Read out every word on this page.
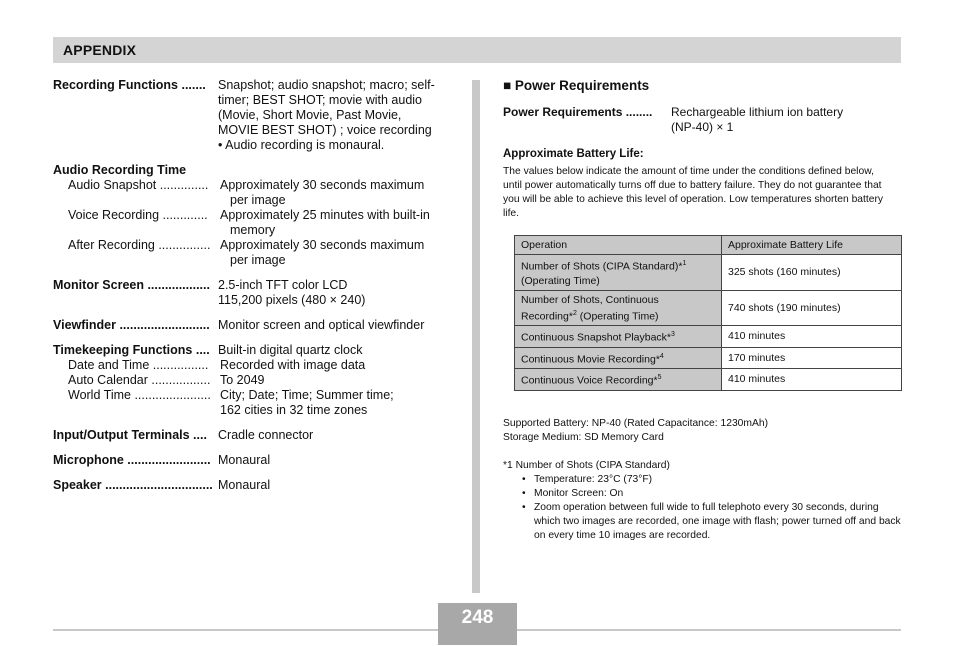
APPENDIX
Recording Functions ....... Snapshot; audio snapshot; macro; self-
timer; BEST SHOT; movie with audio
(Movie, Short Movie, Past Movie,
MOVIE BEST SHOT) ; voice recording
• Audio recording is monaural.
Audio Recording Time
Audio Snapshot .............. Approximately 30 seconds maximum
per image
Voice Recording ............. Approximately 25 minutes with built-in
memory
After Recording ............... Approximately 30 seconds maximum
per image
Monitor Screen .................. 2.5-inch TFT color LCD
115,200 pixels (480 × 240)
Viewfinder .......................... Monitor screen and optical viewfinder
Timekeeping Functions .... Built-in digital quartz clock
Date and Time ................ Recorded with image data
Auto Calendar ................. To 2049
World Time ...................... City; Date; Time; Summer time;
162 cities in 32 time zones
Input/Output Terminals .... Cradle connector
Microphone ........................ Monaural
Speaker ............................... Monaural
■ Power Requirements
Power Requirements ........	Rechargeable lithium ion battery
(NP-40) × 1
Approximate Battery Life:
The values below indicate the amount of time under the conditions defined below, until power automatically turns off due to battery failure. They do not guarantee that you will be able to achieve this level of operation. Low temperatures shorten battery life.
Operation	Approximate Battery Life
Number of Shots (CIPA Standard)*$^1$
(Operating Time)	325 shots (160 minutes)
Number of Shots, Continuous
Recording*$^2$ (Operating Time)	740 shots (190 minutes)
Continuous Snapshot Playback*$^3$	410 minutes
Continuous Movie Recording*$^4$	170 minutes
Continuous Voice Recording*$^5$	410 minutes
Supported Battery: NP-40 (Rated Capacitance: 1230mAh)
Storage Medium: SD Memory Card
*1 Number of Shots (CIPA Standard)
• Temperature: 23°C (73°F)
• Monitor Screen: On
• Zoom operation between full wide to full telephoto every 30 seconds, during which two images are recorded, one image with flash; power turned off and back on every time 10 images are recorded.
248
